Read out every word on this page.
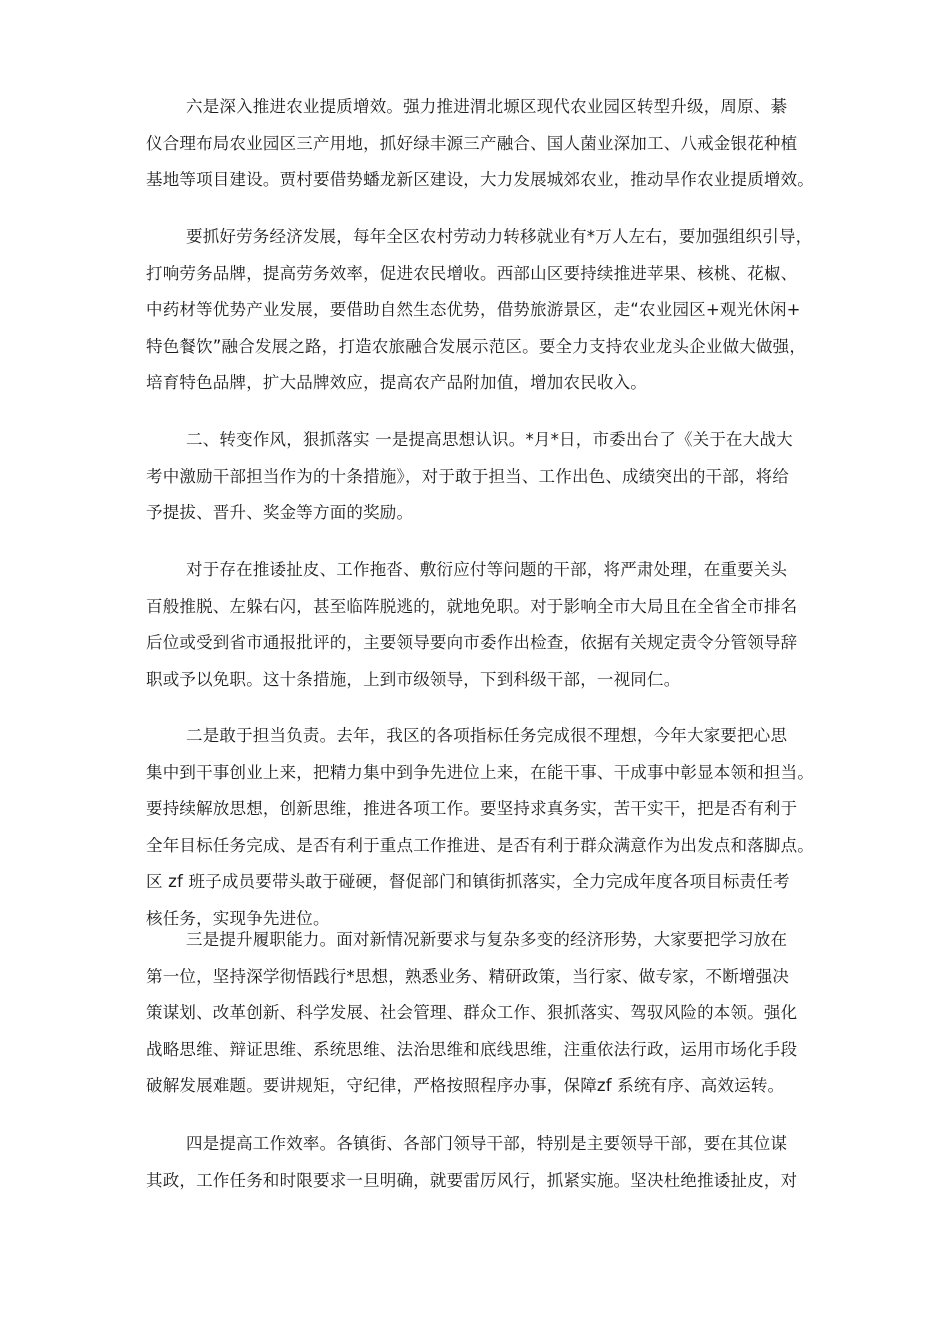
六是深入推进农业提质增效。强力推进渭北塬区现代农业园区转型升级，周原、綦
仪合理布局农业园区三产用地，抓好绿丰源三产融合、国人菌业深加工、八戒金银花种植
基地等项目建设。贾村要借势蟠龙新区建设，大力发展城郊农业，推动旱作农业提质增效。
要抓好劳务经济发展，每年全区农村劳动力转移就业有*万人左右，要加强组织引导，
打响劳务品牌，提高劳务效率，促进农民增收。西部山区要持续推进苹果、核桃、花椒、
中药材等优势产业发展，要借助自然生态优势，借势旅游景区，走“农业园区+观光休闲+
特色餐饮”融合发展之路，打造农旅融合发展示范区。要全力支持农业龙头企业做大做强，
培育特色品牌，扩大品牌效应，提高农产品附加值，增加农民收入。
二、转变作风，狠抓落实 一是提高思想认识。*月*日，市委出台了《关于在大战大
考中激励干部担当作为的十条措施》，对于敢于担当、工作出色、成绩突出的干部，将给
予提拔、晋升、奖金等方面的奖励。
对于存在推诿扯皮、工作拖沓、敷衍应付等问题的干部，将严肃处理，在重要关头
百般推脱、左躲右闪，甚至临阵脱逃的，就地免职。对于影响全市大局且在全省全市排名
后位或受到省市通报批评的，主要领导要向市委作出检查，依据有关规定责令分管领导辞
职或予以免职。这十条措施，上到市级领导，下到科级干部，一视同仁。
二是敢于担当负责。去年，我区的各项指标任务完成很不理想，今年大家要把心思
集中到干事创业上来，把精力集中到争先进位上来，在能干事、干成事中彰显本领和担当。
要持续解放思想，创新思维，推进各项工作。要坚持求真务实，苦干实干，把是否有利于
全年目标任务完成、是否有利于重点工作推进、是否有利于群众满意作为出发点和落脚点。
区 zf 班子成员要带头敢于碰硬，督促部门和镇街抓落实，全力完成年度各项目标责任考
核任务，实现争先进位。
三是提升履职能力。面对新情况新要求与复杂多变的经济形势，大家要把学习放在
第一位，坚持深学彻悟践行*思想，熟悉业务、精研政策，当行家、做专家，不断增强决
策谋划、改革创新、科学发展、社会管理、群众工作、狠抓落实、驾驭风险的本领。强化
战略思维、辩证思维、系统思维、法治思维和底线思维，注重依法行政，运用市场化手段
破解发展难题。要讲规矩，守纪律，严格按照程序办事，保障zf 系统有序、高效运转。
四是提高工作效率。各镇街、各部门领导干部，特别是主要领导干部，要在其位谋
其政，工作任务和时限要求一旦明确，就要雷厉风行，抓紧实施。坚决杜绝推诿扯皮，对
